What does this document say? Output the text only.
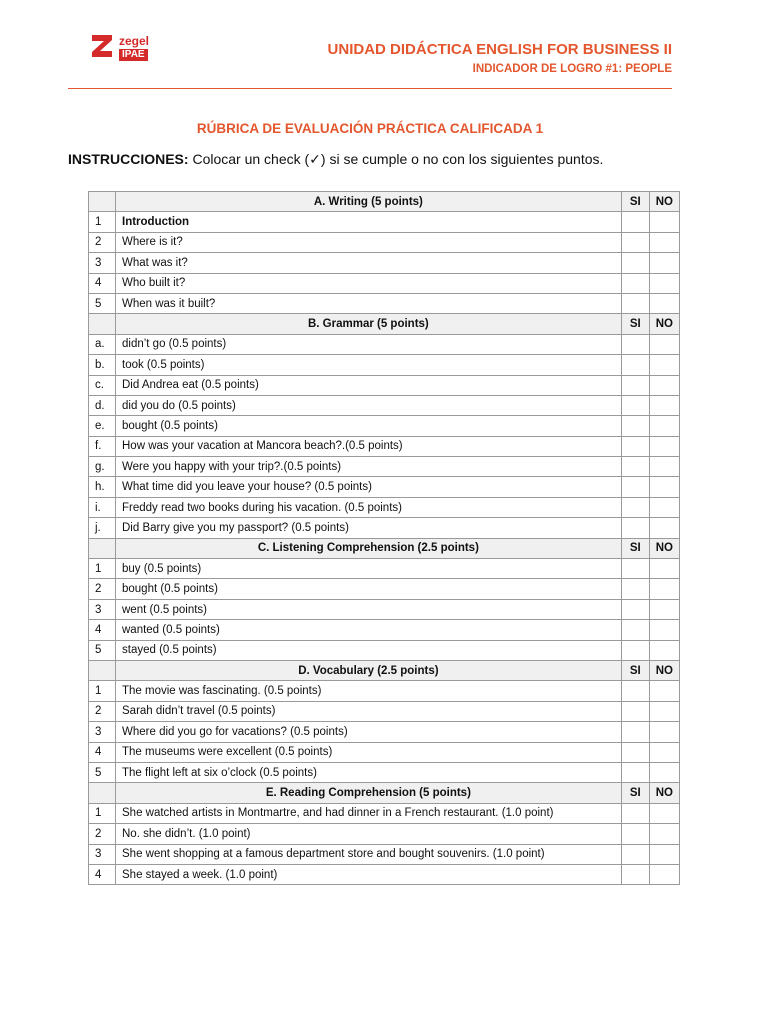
zegel
IPAE	UNIDAD DIDÁCTICA ENGLISH FOR BUSINESS II
INDICADOR DE LOGRO #1: PEOPLE
RÚBRICA DE EVALUACIÓN PRÁCTICA CALIFICADA 1
INSTRUCCIONES: Colocar un check (✓) si se cumple o no con los siguientes puntos.
	A. Writing (5 points)	SI	NO
1	Introduction		
2	Where is it?		
3	What was it?		
4	Who built it?		
5	When was it built?		
	B. Grammar (5 points)	SI	NO
a.	didn’t go (0.5 points)		
b.	took (0.5 points)		
c.	Did Andrea eat (0.5 points)		
d.	did you do (0.5 points)		
e.	bought (0.5 points)		
f.	How was your vacation at Mancora beach?.(0.5 points)		
g.	Were you happy with your trip?.(0.5 points)		
h.	What time did you leave your house? (0.5 points)		
i.	Freddy read two books during his vacation. (0.5 points)		
j.	Did Barry give you my passport? (0.5 points)		
	C. Listening Comprehension (2.5 points)	SI	NO
1	buy (0.5 points)		
2	bought (0.5 points)		
3	went (0.5 points)		
4	wanted (0.5 points)		
5	stayed (0.5 points)		
	D. Vocabulary (2.5 points)	SI	NO
1	The movie was fascinating. (0.5 points)		
2	Sarah didn’t travel (0.5 points)		
3	Where did you go for vacations? (0.5 points)		
4	The museums were excellent (0.5 points)		
5	The flight left at six o’clock (0.5 points)		
	E. Reading Comprehension (5 points)	SI	NO
1	She watched artists in Montmartre, and had dinner in a French restaurant. (1.0 point)		
2	No. she didn’t. (1.0 point)		
3	She went shopping at a famous department store and bought souvenirs. (1.0 point)		
4	She stayed a week. (1.0 point)		
